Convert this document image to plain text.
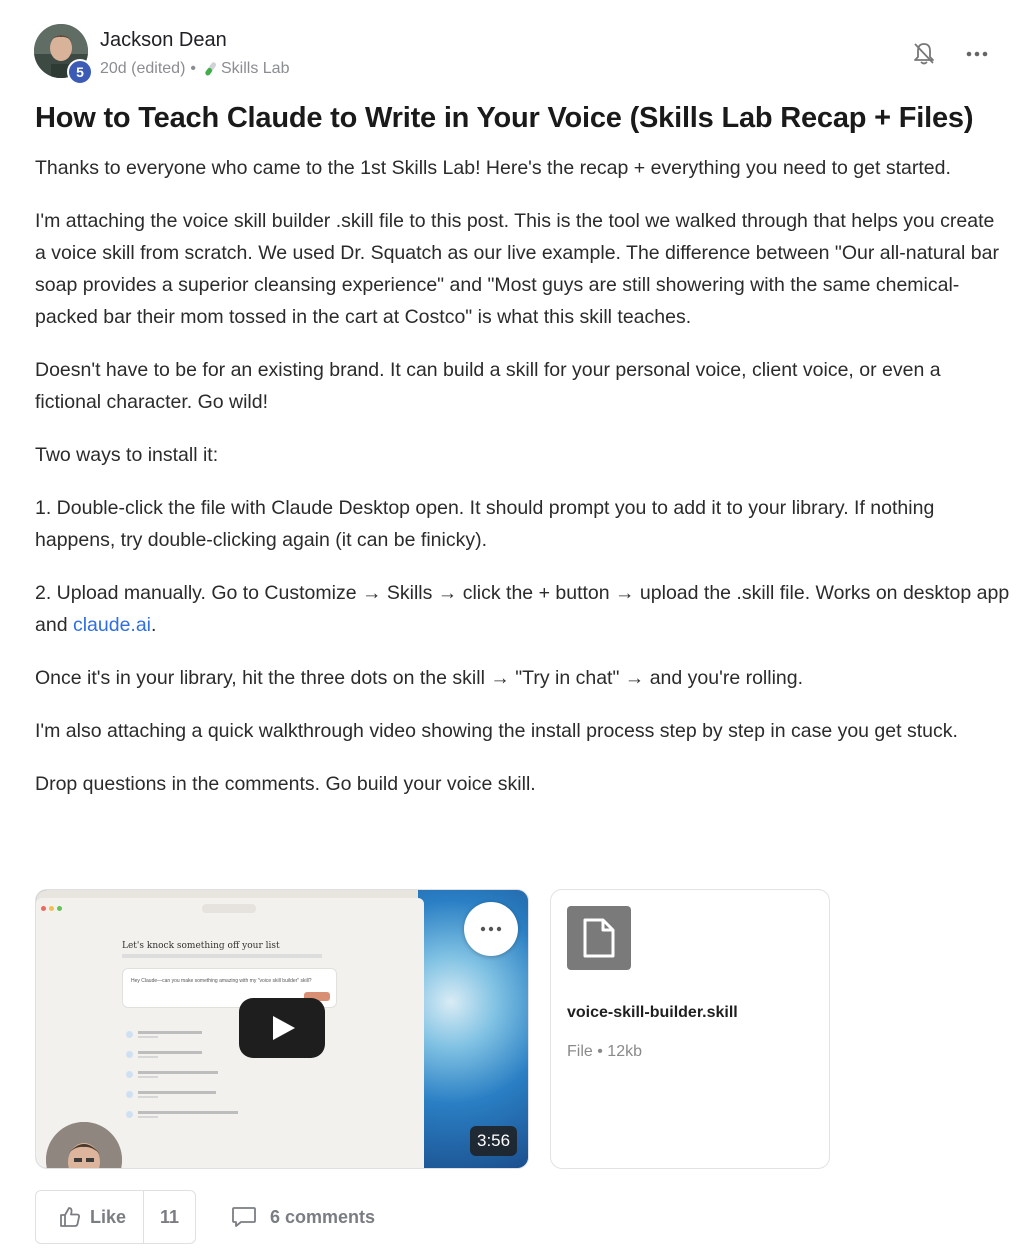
5
Jackson Dean
20d (edited) • Skills Lab
How to Teach Claude to Write in Your Voice (Skills Lab Recap + Files)

Thanks to everyone who came to the 1st Skills Lab! Here's the recap + everything you need to get started.

I'm attaching the voice skill builder .skill file to this post. This is the tool we walked through that helps you create a voice skill from scratch. We used Dr. Squatch as our live example. The difference between "Our all-natural bar soap provides a superior cleansing experience" and "Most guys are still showering with the same chemical-packed bar their mom tossed in the cart at Costco" is what this skill teaches.

Doesn't have to be for an existing brand. It can build a skill for your personal voice, client voice, or even a fictional character. Go wild!

Two ways to install it:

1. Double-click the file with Claude Desktop open. It should prompt you to add it to your library. If nothing happens, try double-clicking again (it can be finicky).

2. Upload manually. Go to Customize → Skills → click the + button → upload the .skill file. Works on desktop app and claude.ai.

Once it's in your library, hit the three dots on the skill → "Try in chat" → and you're rolling.

I'm also attaching a quick walkthrough video showing the install process step by step in case you get stuck.

Drop questions in the comments. Go build your voice skill.

Let's knock something off your list
Hey Claude—can you make something amazing with my "voice skill builder" skill?
3:56
voice-skill-builder.skill
File • 12kb
Like	11	6 comments
